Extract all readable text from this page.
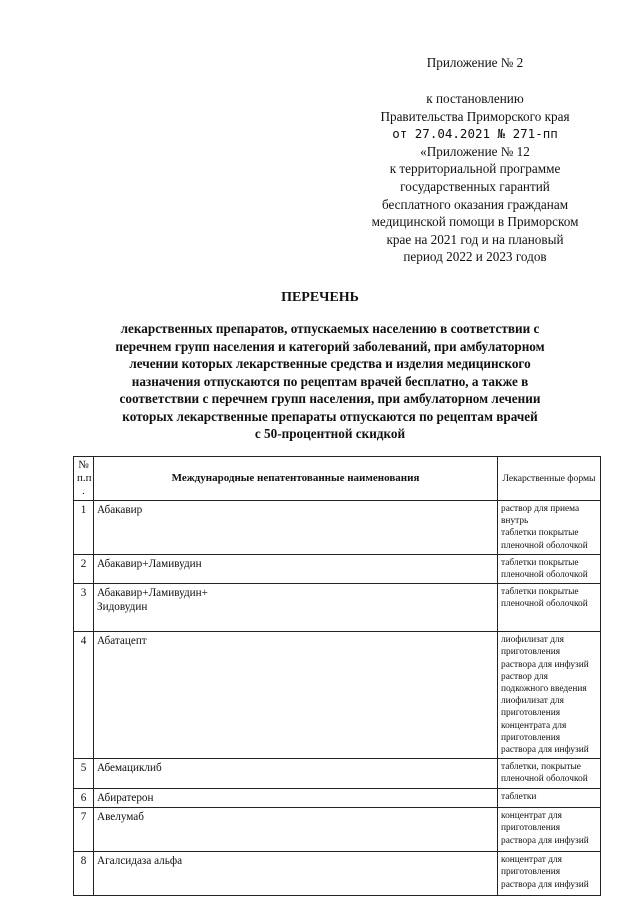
Приложение № 2
к постановлению
Правительства Приморского края
от 27.04.2021 № 271-пп
«Приложение № 12
к территориальной программе
государственных гарантий
бесплатного оказания гражданам
медицинской помощи в Приморском
крае на 2021 год и на плановый
период 2022 и 2023 годов
ПЕРЕЧЕНЬ
лекарственных препаратов, отпускаемых населению в соответствии с
перечнем групп населения и категорий заболеваний, при амбулаторном
лечении которых лекарственные средства и изделия медицинского
назначения отпускаются по рецептам врачей бесплатно, а также в
соответствии с перечнем групп населения, при амбулаторном лечении
которых лекарственные препараты отпускаются по рецептам врачей
с 50-процентной скидкой
№ п.п .	Международные непатентованные наименования	Лекарственные формы
1	Абакавир	раствор для приема внутрь
таблетки покрытые пленочной оболочкой
2	Абакавир+Ламивудин	таблетки покрытые пленочной оболочкой
3	Абакавир+Ламивудин+
Зидовудин	таблетки покрытые пленочной оболочкой
4	Абатацепт	лиофилизат для приготовления раствора для инфузий
раствор для подкожного введения
лиофилизат для приготовления концентрата для приготовления раствора для инфузий
5	Абемациклиб	таблетки, покрытые пленочной оболочкой
6	Абиратерон	таблетки
7	Авелумаб	концентрат для приготовления раствора для инфузий
8	Агалсидаза альфа	концентрат для приготовления раствора для инфузий
